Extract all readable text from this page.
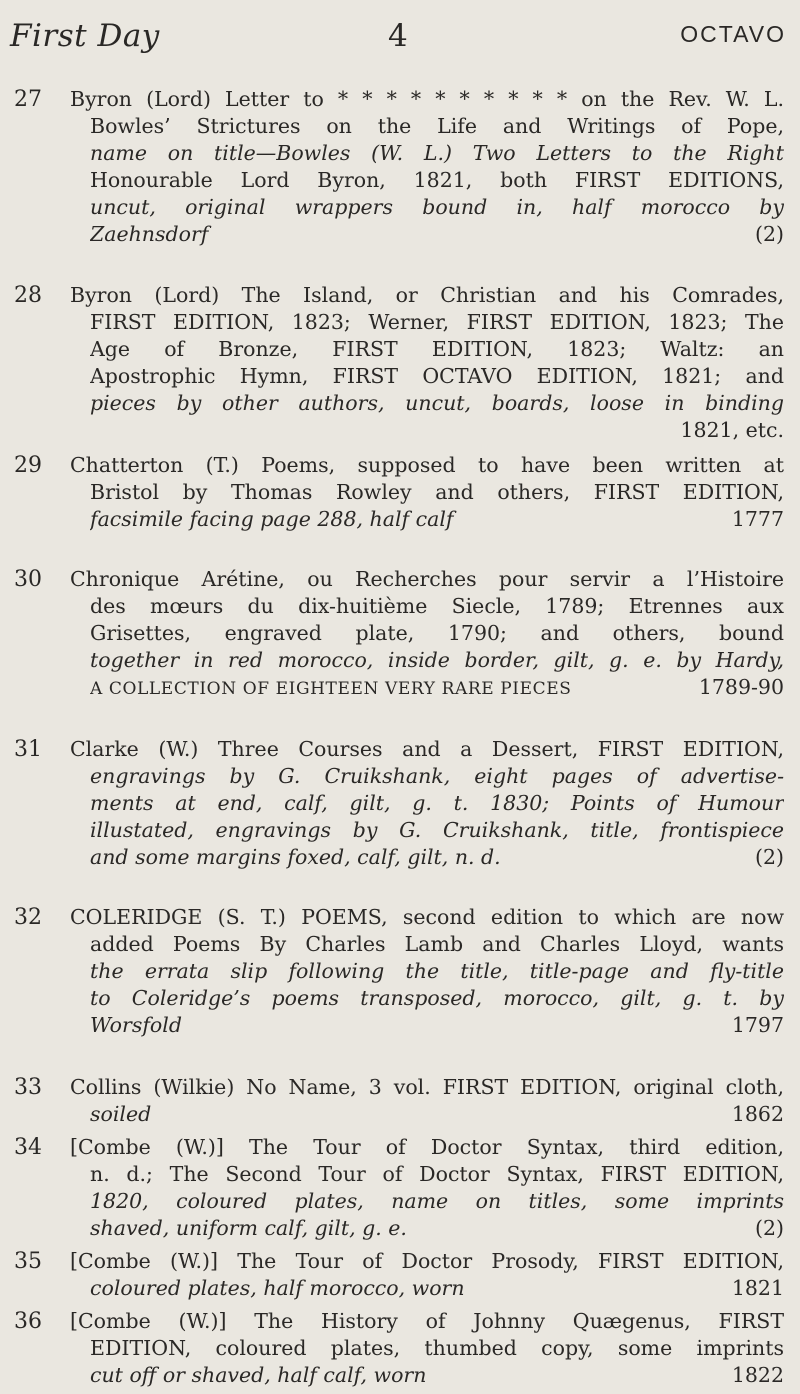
First Day	4	OCTAVO
27 Byron (Lord) Letter to * * * * * * * * * * on the Rev. W. L.
Bowles’ Strictures on the Life and Writings of Pope,
name on title—Bowles (W. L.) Two Letters to the Right
Honourable Lord Byron, 1821, both FIRST EDITIONS,
uncut, original wrappers bound in, half morocco by
Zaehnsdorf	(2)
28 Byron (Lord) The Island, or Christian and his Comrades,
FIRST EDITION, 1823; Werner, FIRST EDITION, 1823; The
Age of Bronze, FIRST EDITION, 1823; Waltz: an
Apostrophic Hymn, FIRST OCTAVO EDITION, 1821; and
pieces by other authors, uncut, boards, loose in binding
1821, etc.
29 Chatterton (T.) Poems, supposed to have been written at
Bristol by Thomas Rowley and others, FIRST EDITION,
facsimile facing page 288, half calf	1777
30 Chronique Arétine, ou Recherches pour servir a l’Histoire
des mœurs du dix-huitième Siecle, 1789; Etrennes aux
Grisettes, engraved plate, 1790; and others, bound
together in red morocco, inside border, gilt, g. e. by Hardy,
A COLLECTION OF EIGHTEEN VERY RARE PIECES	1789-90
31 Clarke (W.) Three Courses and a Dessert, FIRST EDITION,
engravings by G. Cruikshank, eight pages of advertise-
ments at end, calf, gilt, g. t. 1830; Points of Humour
illustated, engravings by G. Cruikshank, title, frontispiece
and some margins foxed, calf, gilt, n. d.	(2)
32 COLERIDGE (S. T.) POEMS, second edition to which are now
added Poems By Charles Lamb and Charles Lloyd, wants
the errata slip following the title, title-page and fly-title
to Coleridge’s poems transposed, morocco, gilt, g. t. by
Worsfold	1797
33 Collins (Wilkie) No Name, 3 vol. FIRST EDITION, original cloth,
soiled	1862
34 [Combe (W.)] The Tour of Doctor Syntax, third edition,
n. d.; The Second Tour of Doctor Syntax, FIRST EDITION,
1820, coloured plates, name on titles, some imprints
shaved, uniform calf, gilt, g. e.	(2)
35 [Combe (W.)] The Tour of Doctor Prosody, FIRST EDITION,
coloured plates, half morocco, worn	1821
36 [Combe (W.)] The History of Johnny Quægenus, FIRST
EDITION, coloured plates, thumbed copy, some imprints
cut off or shaved, half calf, worn	1822
